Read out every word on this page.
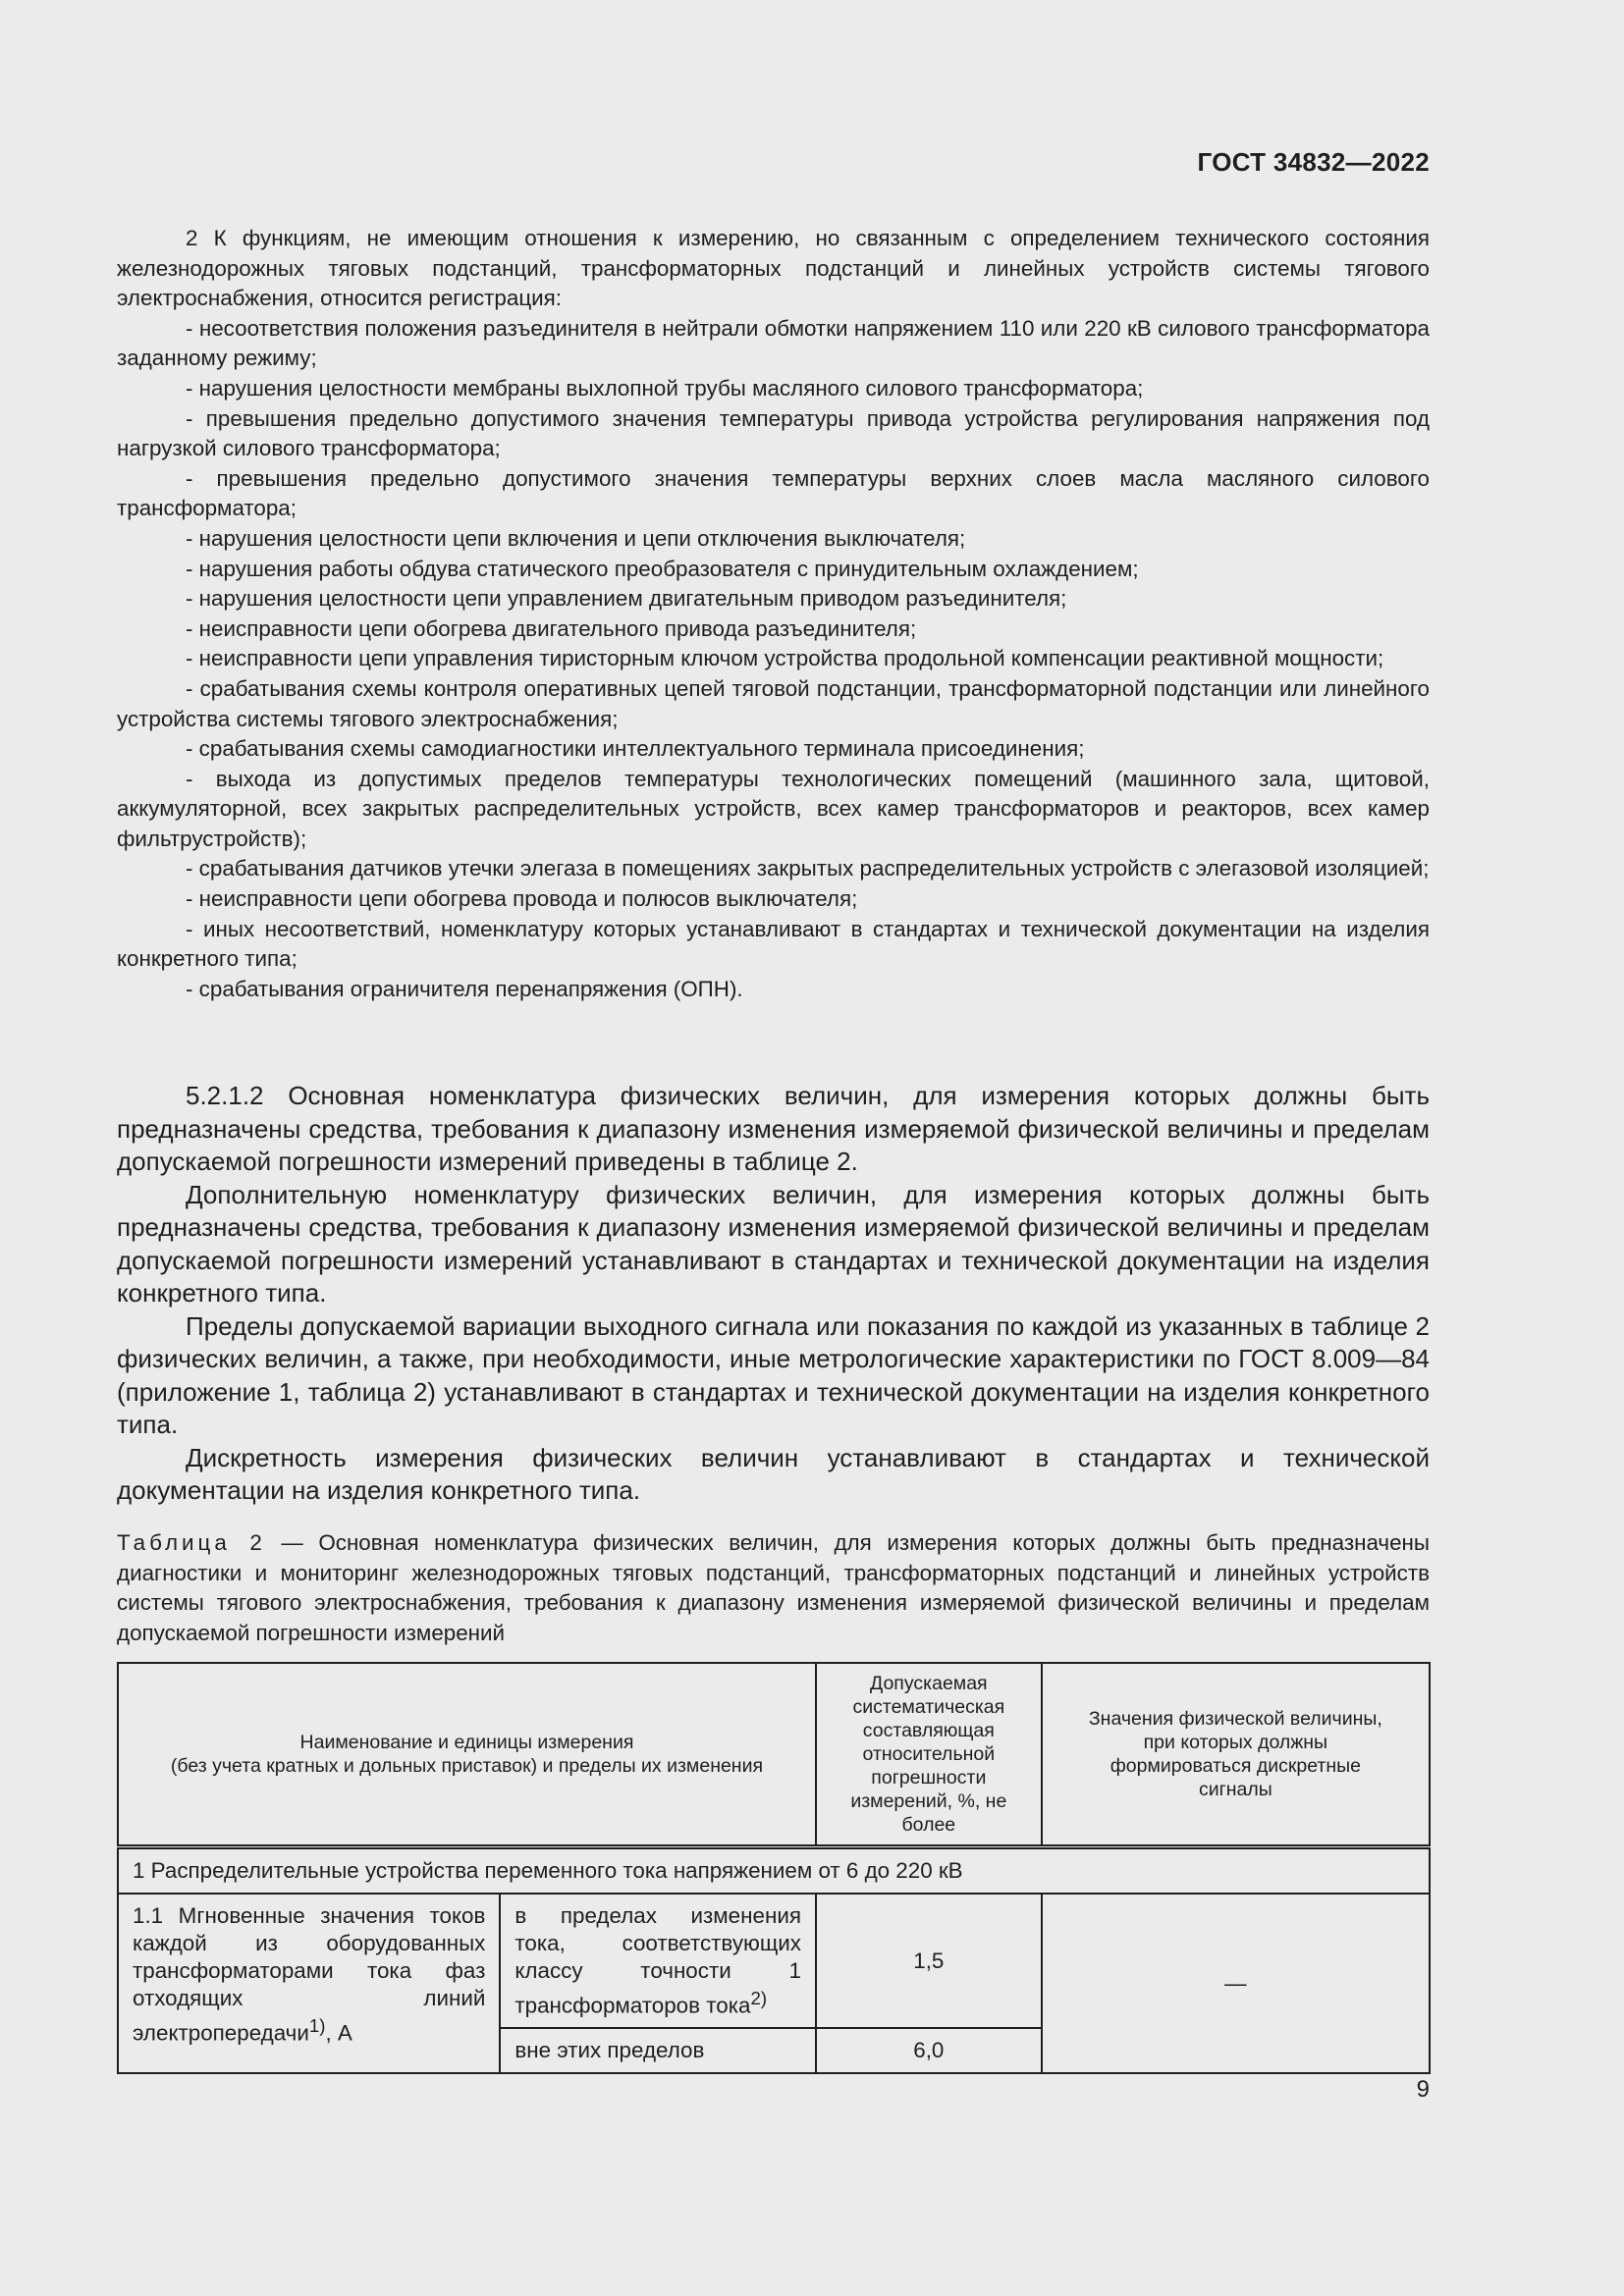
ГОСТ 34832—2022

2 К функциям, не имеющим отношения к измерению, но связанным с определением технического состояния железнодорожных тяговых подстанций, трансформаторных подстанций и линейных устройств системы тягового электроснабжения, относится регистрация:

- несоответствия положения разъединителя в нейтрали обмотки напряжением 110 или 220 кВ силового трансформатора заданному режиму;

- нарушения целостности мембраны выхлопной трубы масляного силового трансформатора;

- превышения предельно допустимого значения температуры привода устройства регулирования напряжения под нагрузкой силового трансформатора;

- превышения предельно допустимого значения температуры верхних слоев масла масляного силового трансформатора;

- нарушения целостности цепи включения и цепи отключения выключателя;

- нарушения работы обдува статического преобразователя с принудительным охлаждением;

- нарушения целостности цепи управлением двигательным приводом разъединителя;

- неисправности цепи обогрева двигательного привода разъединителя;

- неисправности цепи управления тиристорным ключом устройства продольной компенсации реактивной мощности;

- срабатывания схемы контроля оперативных цепей тяговой подстанции, трансформаторной подстанции или линейного устройства системы тягового электроснабжения;

- срабатывания схемы самодиагностики интеллектуального терминала присоединения;

- выхода из допустимых пределов температуры технологических помещений (машинного зала, щитовой, аккумуляторной, всех закрытых распределительных устройств, всех камер трансформаторов и реакторов, всех камер фильтрустройств);

- срабатывания датчиков утечки элегаза в помещениях закрытых распределительных устройств с элегазовой изоляцией;

- неисправности цепи обогрева провода и полюсов выключателя;

- иных несоответствий, номенклатуру которых устанавливают в стандартах и технической документации на изделия конкретного типа;

- срабатывания ограничителя перенапряжения (ОПН).

5.2.1.2 Основная номенклатура физических величин, для измерения которых должны быть предназначены средства, требования к диапазону изменения измеряемой физической величины и пределам допускаемой погрешности измерений приведены в таблице 2.

Дополнительную номенклатуру физических величин, для измерения которых должны быть предназначены средства, требования к диапазону изменения измеряемой физической величины и пределам допускаемой погрешности измерений устанавливают в стандартах и технической документации на изделия конкретного типа.

Пределы допускаемой вариации выходного сигнала или показания по каждой из указанных в таблице 2 физических величин, а также, при необходимости, иные метрологические характеристики по ГОСТ 8.009—84 (приложение 1, таблица 2) устанавливают в стандартах и технической документации на изделия конкретного типа.

Дискретность измерения физических величин устанавливают в стандартах и технической документации на изделия конкретного типа.

Таблица 2 — Основная номенклатура физических величин, для измерения которых должны быть предназначены диагностики и мониторинг железнодорожных тяговых подстанций, трансформаторных подстанций и линейных устройств системы тягового электроснабжения, требования к диапазону изменения измеряемой физической величины и пределам допускаемой погрешности измерений
Наименование и единицы измерения
(без учета кратных и дольных приставок) и пределы их изменения		Допускаемая систематическая составляющая относительной погрешности измерений, %, не более	Значения физической величины, при которых должны формироваться дискретные сигналы
1 Распределительные устройства переменного тока напряжением от 6 до 220 кВ			
1.1 Мгновенные значения токов каждой из оборудованных трансформаторами тока фаз отходящих линий электропередачи$^{1)}$, А	в пределах изменения тока, соответствующих классу точности 1 трансформаторов тока$^{2)}$	1,5	—
	вне этих пределов	6,0	
9
